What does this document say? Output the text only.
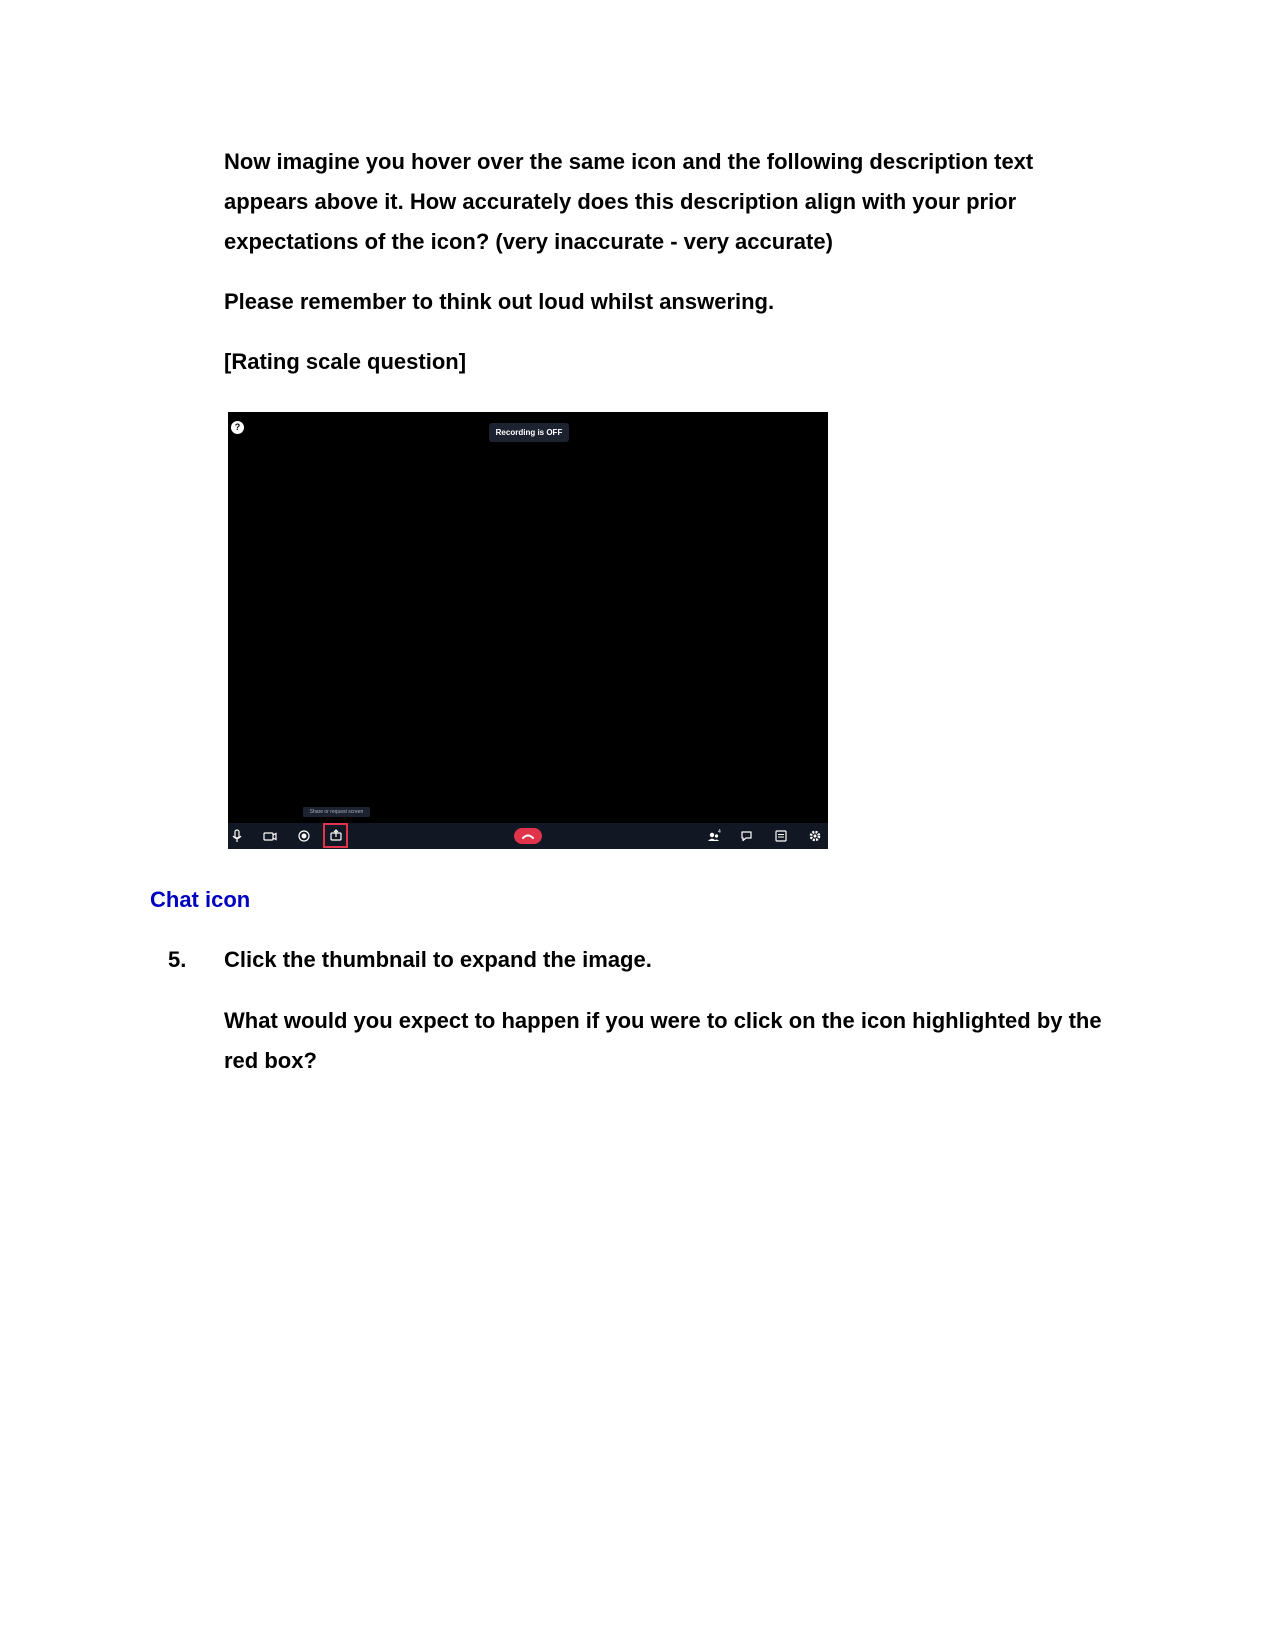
Now imagine you hover over the same icon and the following description text appears above it. How accurately does this description align with your prior expectations of the icon? (very inaccurate - very accurate)

Please remember to think out loud whilst answering.

[Rating scale question]

?
Recording is OFF
Share or request screen
4
Chat icon
5. Click the thumbnail to expand the image.

What would you expect to happen if you were to click on the icon highlighted by the red box?
